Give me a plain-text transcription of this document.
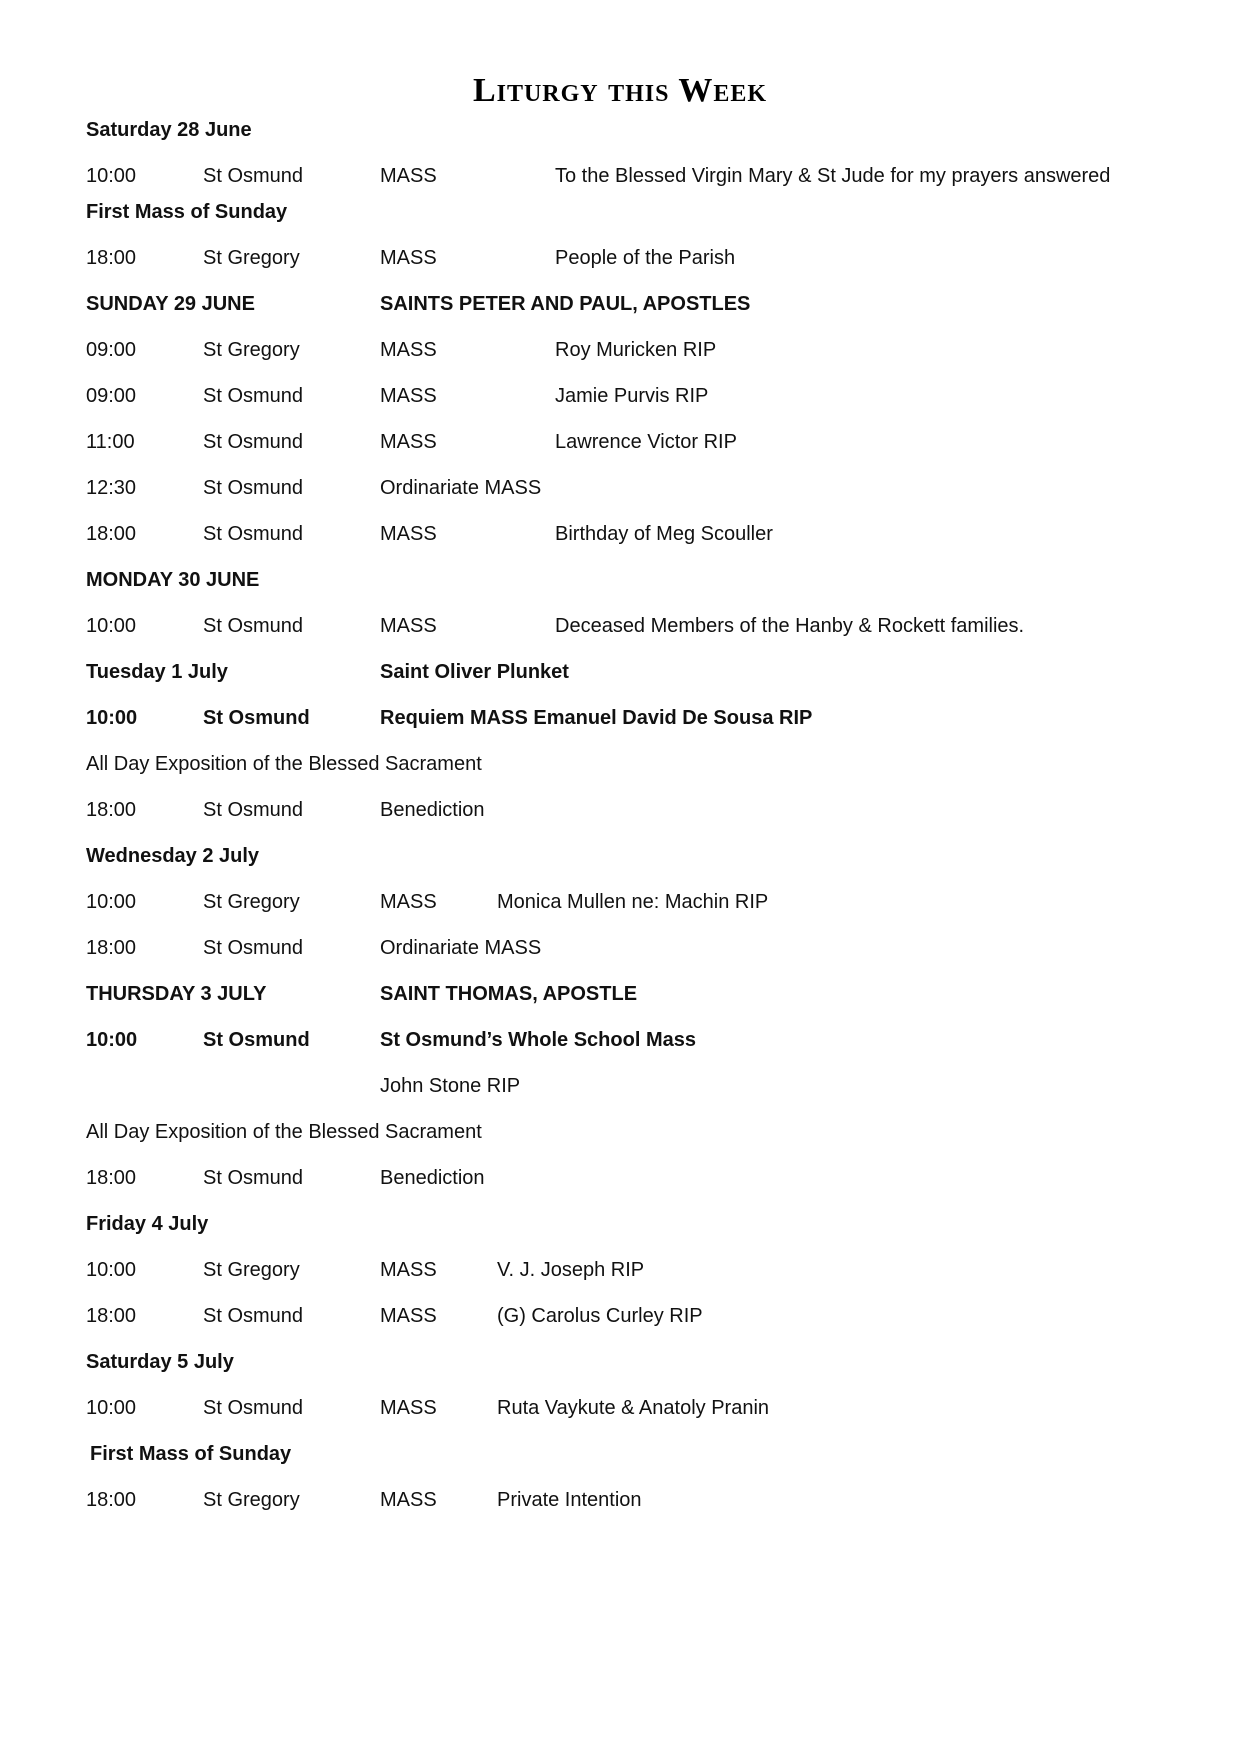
Liturgy this Week
Saturday 28 June
10:00	St Osmund	MASS	To the Blessed Virgin Mary & St Jude for my prayers answered
First Mass of Sunday
18:00	St Gregory	MASS	People of the Parish
SUNDAY 29 JUNE	SAINTS PETER AND PAUL, APOSTLES
09:00	St Gregory	MASS	Roy Muricken RIP
09:00	St Osmund	MASS	Jamie Purvis RIP
11:00	St Osmund	MASS	Lawrence Victor RIP
12:30	St Osmund	Ordinariate MASS
18:00	St Osmund	MASS	Birthday of Meg Scouller
MONDAY 30 JUNE
10:00	St Osmund	MASS	Deceased Members of the Hanby & Rockett families.
Tuesday 1 July	Saint Oliver Plunket
10:00	St Osmund	Requiem MASS Emanuel David De Sousa RIP
All Day Exposition of the Blessed Sacrament
18:00	St Osmund	Benediction
Wednesday 2 July
10:00	St Gregory	MASS	Monica Mullen ne: Machin RIP
18:00	St Osmund	Ordinariate MASS
THURSDAY 3 JULY	SAINT THOMAS, APOSTLE
10:00	St Osmund	St Osmund’s Whole School Mass
John Stone RIP
All Day Exposition of the Blessed Sacrament
18:00	St Osmund	Benediction
Friday 4 July
10:00	St Gregory	MASS	V. J. Joseph RIP
18:00	St Osmund	MASS	(G) Carolus Curley RIP
Saturday 5 July
10:00	St Osmund	MASS	Ruta Vaykute & Anatoly Pranin
First Mass of Sunday
18:00	St Gregory	MASS	Private Intention
